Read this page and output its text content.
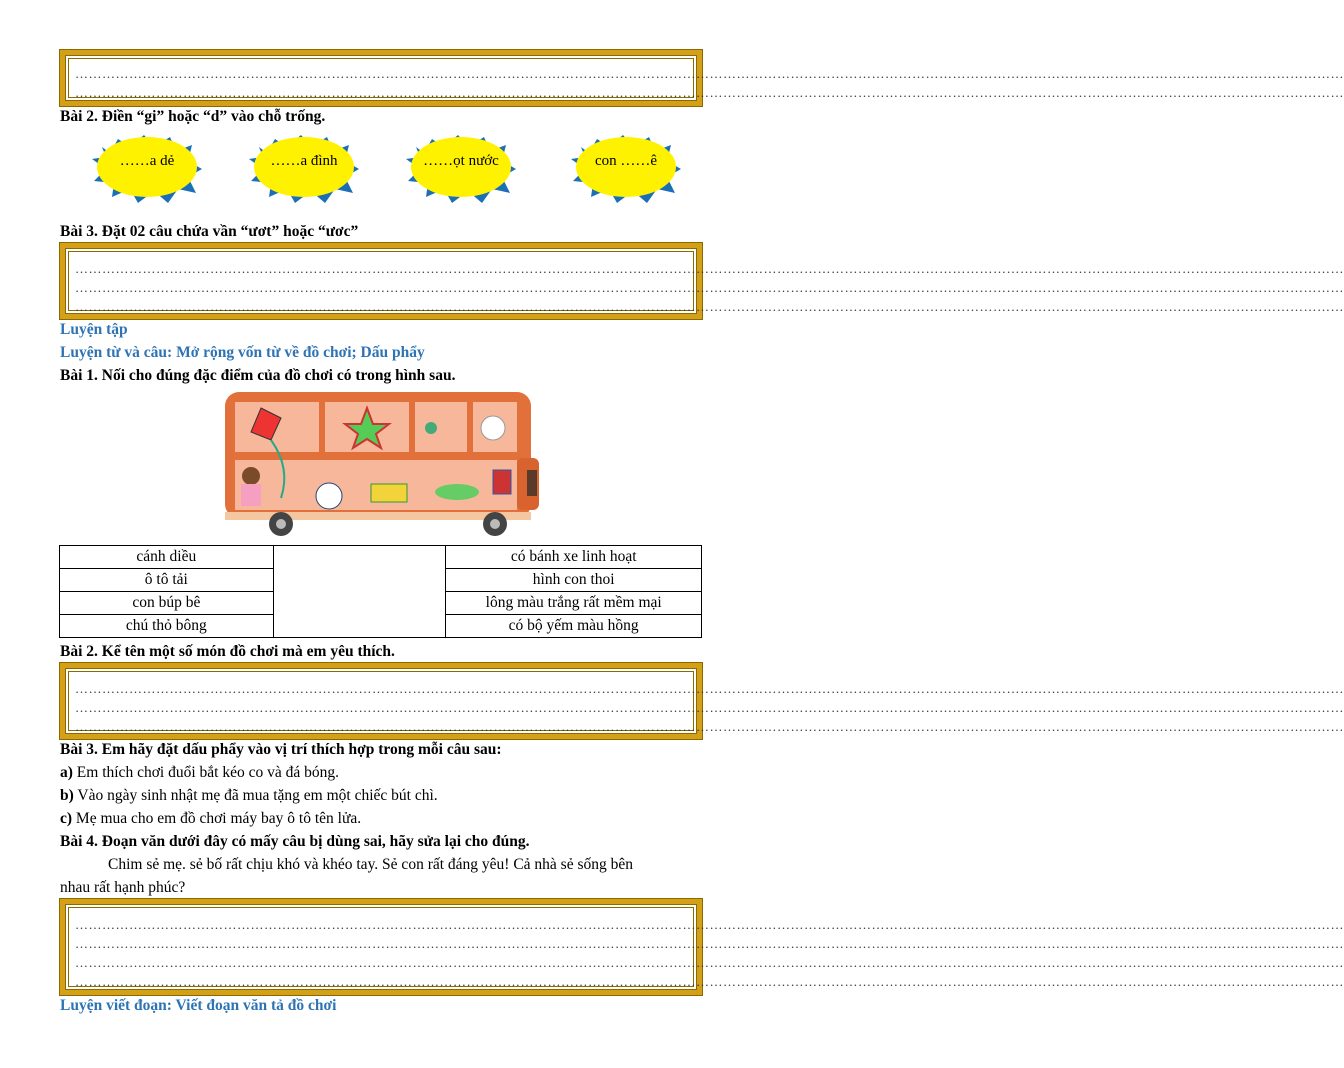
…………………………………………………………………………………………………………………………………………………………………………………………………………………………………………………………
…………………………………………………………………………………………………………………………………………………………………………………………………………………………………………………………
Bài 2. Điền “gi” hoặc “d” vào chỗ trống.
……a dẻ	……a đình	……ọt nước	con ……ê
Bài 3. Đặt 02 câu chứa vần “ươt” hoặc “ươc”
…………………………………………………………………………………………………………………………………………………………………………………………………………………………………………………………
…………………………………………………………………………………………………………………………………………………………………………………………………………………………………………………………
…………………………………………………………………………………………………………………………………………………………………………………………………………………………………………………………
Luyện tập
Luyện từ và câu: Mở rộng vốn từ về đồ chơi; Dấu phẩy
Bài 1. Nối cho đúng đặc điểm của đồ chơi có trong hình sau.
cánh diều		có bánh xe linh hoạt
ô tô tải		hình con thoi
con búp bê		lông màu trắng rất mềm mại
chú thỏ bông		có bộ yếm màu hồng
Bài 2. Kể tên một số món đồ chơi mà em yêu thích.
…………………………………………………………………………………………………………………………………………………………………………………………………………………………………………………………
…………………………………………………………………………………………………………………………………………………………………………………………………………………………………………………………
…………………………………………………………………………………………………………………………………………………………………………………………………………………………………………………………
Bài 3. Em hãy đặt dấu phẩy vào vị trí thích hợp trong mỗi câu sau:
a) Em thích chơi đuổi bắt kéo co và đá bóng.
b) Vào ngày sinh nhật mẹ đã mua tặng em một chiếc bút chì.
c) Mẹ mua cho em đồ chơi máy bay ô tô tên lửa.
Bài 4. Đoạn văn dưới đây có mấy câu bị dùng sai, hãy sửa lại cho đúng.
Chim sẻ mẹ. sẻ bố rất chịu khó và khéo tay. Sẻ con rất đáng yêu! Cả nhà sẻ sống bên
nhau rất hạnh phúc?
…………………………………………………………………………………………………………………………………………………………………………………………………………………………………………………………
…………………………………………………………………………………………………………………………………………………………………………………………………………………………………………………………
…………………………………………………………………………………………………………………………………………………………………………………………………………………………………………………………
…………………………………………………………………………………………………………………………………………………………………………………………………………………………………………………………
Luyện viết đoạn: Viết đoạn văn tả đồ chơi
